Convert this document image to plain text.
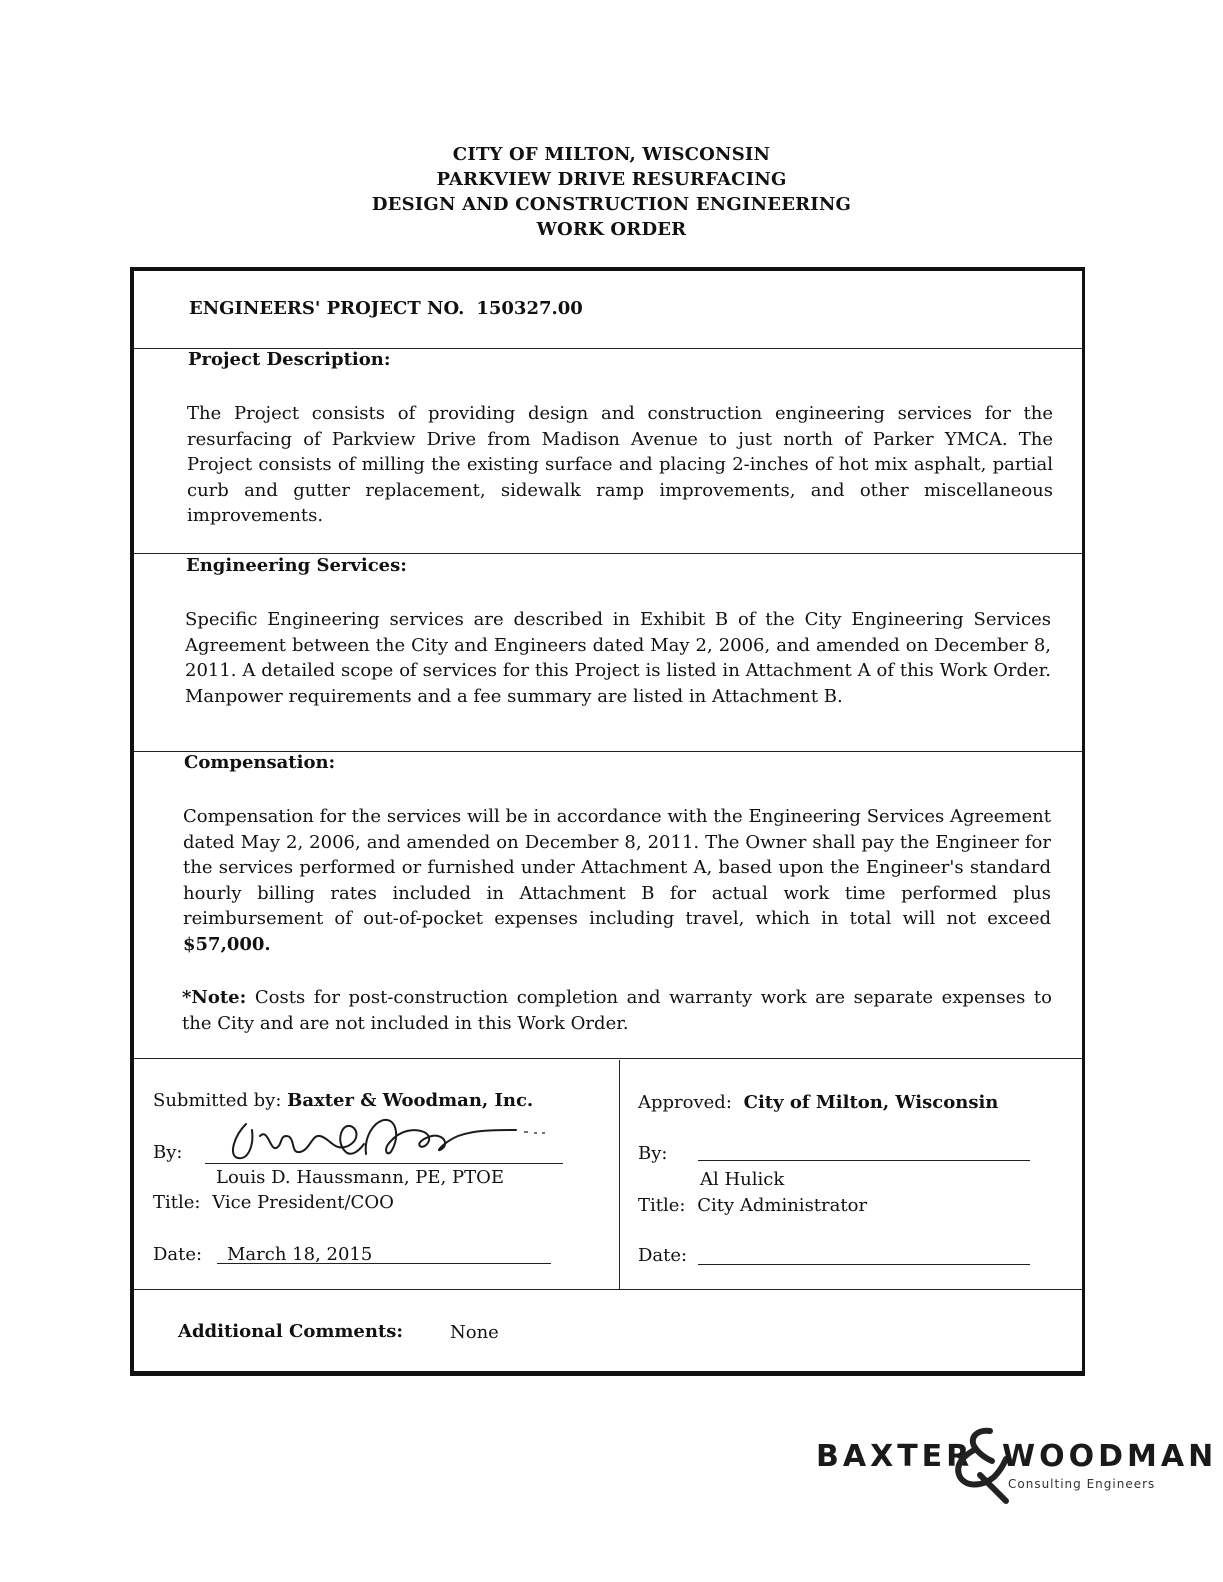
CITY OF MILTON, WISCONSIN
PARKVIEW DRIVE RESURFACING
DESIGN AND CONSTRUCTION ENGINEERING
WORK ORDER
ENGINEERS' PROJECT NO. 150327.00
Project Description:
The Project consists of providing design and construction engineering services for the resurfacing of Parkview Drive from Madison Avenue to just north of Parker YMCA. The Project consists of milling the existing surface and placing 2-inches of hot mix asphalt, partial curb and gutter replacement, sidewalk ramp improvements, and other miscellaneous improvements.
Engineering Services:
Specific Engineering services are described in Exhibit B of the City Engineering Services Agreement between the City and Engineers dated May 2, 2006, and amended on December 8, 2011. A detailed scope of services for this Project is listed in Attachment A of this Work Order. Manpower requirements and a fee summary are listed in Attachment B.
Compensation:
Compensation for the services will be in accordance with the Engineering Services Agreement dated May 2, 2006, and amended on December 8, 2011. The Owner shall pay the Engineer for the services performed or furnished under Attachment A, based upon the Engineer's standard hourly billing rates included in Attachment B for actual work time performed plus reimbursement of out-of-pocket expenses including travel, which in total will not exceed $57,000.
*Note: Costs for post-construction completion and warranty work are separate expenses to the City and are not included in this Work Order.
Submitted by: Baxter & Woodman, Inc.
By:
Louis D. Haussmann, PE, PTOE
Title: Vice President/COO
Date: March 18, 2015
Approved: City of Milton, Wisconsin
By:
Al Hulick
Title: City Administrator
Date:
Additional Comments:	None
BAXTER WOODMAN
Consulting Engineers
